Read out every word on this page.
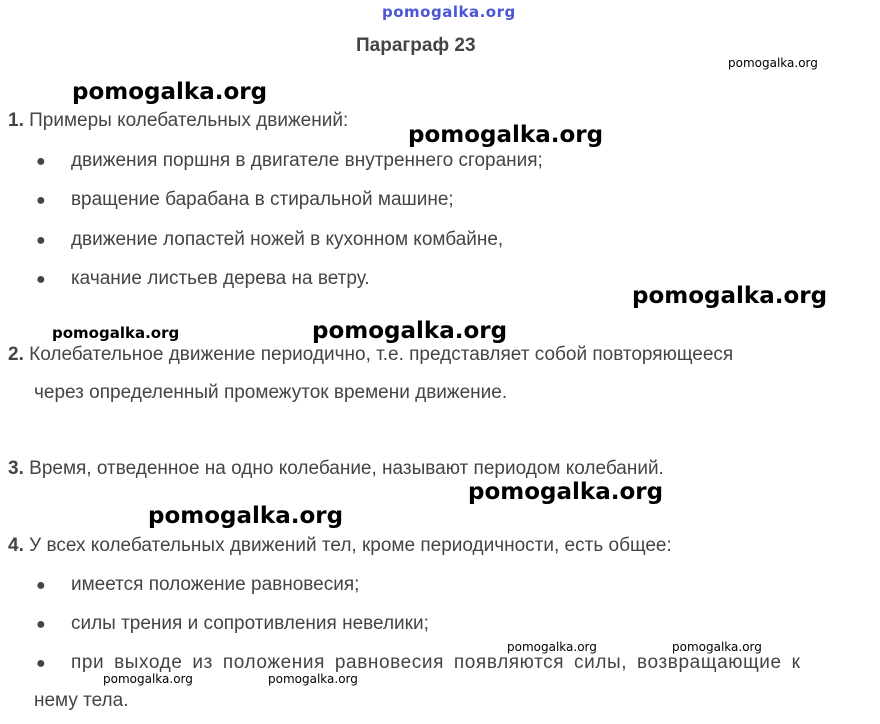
pomogalka.org
Параграф 23
1. Примеры колебательных движений:
● движения поршня в двигателе внутреннего сгорания;
● вращение барабана в стиральной машине;
● движение лопастей ножей в кухонном комбайне,
● качание листьев дерева на ветру.
2. Колебательное движение периодично, т.е. представляет собой повторяющееся
через определенный промежуток времени движение.
3. Время, отведенное на одно колебание, называют периодом колебаний.
4. У всех колебательных движений тел, кроме периодичности, есть общее:
● имеется положение равновесия;
● силы трения и сопротивления невелики;
● при выходе из положения равновесия появляются силы, возвращающие к
нему тела.
pomogalka.org
pomogalka.org
pomogalka.org
pomogalka.org
pomogalka.org	pomogalka.org
pomogalka.org
pomogalka.org
pomogalka.org	pomogalka.org
pomogalka.org	pomogalka.org
